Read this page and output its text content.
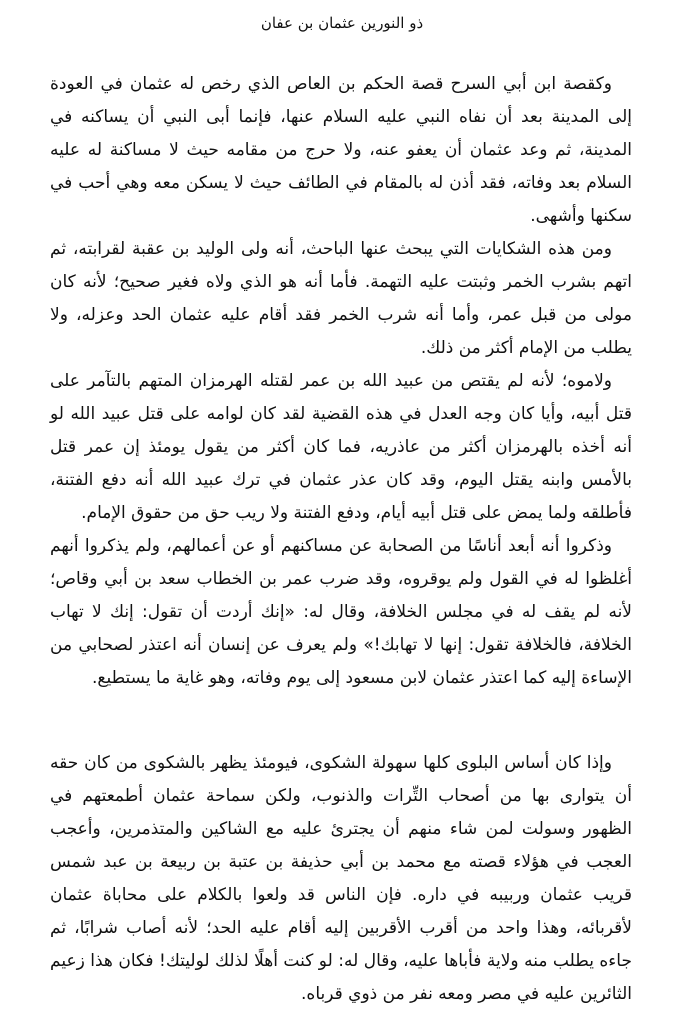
ذو النورين عثمان بن عفان

وكقصة ابن أبي السرح قصة الحكم بن العاص الذي رخص له عثمان في العودة إلى المدينة بعد أن نفاه النبي عليه السلام عنها، فإنما أبى النبي أن يساكنه في المدينة، ثم وعد عثمان أن يعفو عنه، ولا حرج من مقامه حيث لا مساكنة له عليه السلام بعد وفاته، فقد أذن له بالمقام في الطائف حيث لا يسكن معه وهي أحب في سكنها وأشهى.

ومن هذه الشكايات التي يبحث عنها الباحث، أنه ولى الوليد بن عقبة لقرابته، ثم اتهم بشرب الخمر وثبتت عليه التهمة. فأما أنه هو الذي ولاه فغير صحيح؛ لأنه كان مولى من قبل عمر، وأما أنه شرب الخمر فقد أقام عليه عثمان الحد وعزله، ولا يطلب من الإمام أكثر من ذلك.

ولاموه؛ لأنه لم يقتص من عبيد الله بن عمر لقتله الهرمزان المتهم بالتآمر على قتل أبيه، وأيا كان وجه العدل في هذه القضية لقد كان لوامه على قتل عبيد الله لو أنه أخذه بالهرمزان أكثر من عاذريه، فما كان أكثر من يقول يومئذ إن عمر قتل بالأمس وابنه يقتل اليوم، وقد كان عذر عثمان في ترك عبيد الله أنه دفع الفتنة، فأطلقه ولما يمض على قتل أبيه أيام، ودفع الفتنة ولا ريب حق من حقوق الإمام.

وذكروا أنه أبعد أناسًا من الصحابة عن مساكنهم أو عن أعمالهم، ولم يذكروا أنهم أغلظوا له في القول ولم يوقروه، وقد ضرب عمر بن الخطاب سعد بن أبي وقاص؛ لأنه لم يقف له في مجلس الخلافة، وقال له: «إنك أردت أن تقول: إنك لا تهاب الخلافة، فالخلافة تقول: إنها لا تهابك!» ولم يعرف عن إنسان أنه اعتذر لصحابي من الإساءة إليه كما اعتذر عثمان لابن مسعود إلى يوم وفاته، وهو غاية ما يستطيع.

وإذا كان أساس البلوى كلها سهولة الشكوى، فيومئذ يظهر بالشكوى من كان حقه أن يتوارى بها من أصحاب التِّرات والذنوب، ولكن سماحة عثمان أطمعتهم في الظهور وسولت لمن شاء منهم أن يجترئ عليه مع الشاكين والمتذمرين، وأعجب العجب في هؤلاء قصته مع محمد بن أبي حذيفة بن عتبة بن ربيعة بن عبد شمس قريب عثمان وربيبه في داره. فإن الناس قد ولعوا بالكلام على محاباة عثمان لأقربائه، وهذا واحد من أقرب الأقربين إليه أقام عليه الحد؛ لأنه أصاب شرابًا، ثم جاءه يطلب منه ولاية فأباها عليه، وقال له: لو كنت أهلًا لذلك لوليتك! فكان هذا زعيم الثائرين عليه في مصر ومعه نفر من ذوي قرباه.
